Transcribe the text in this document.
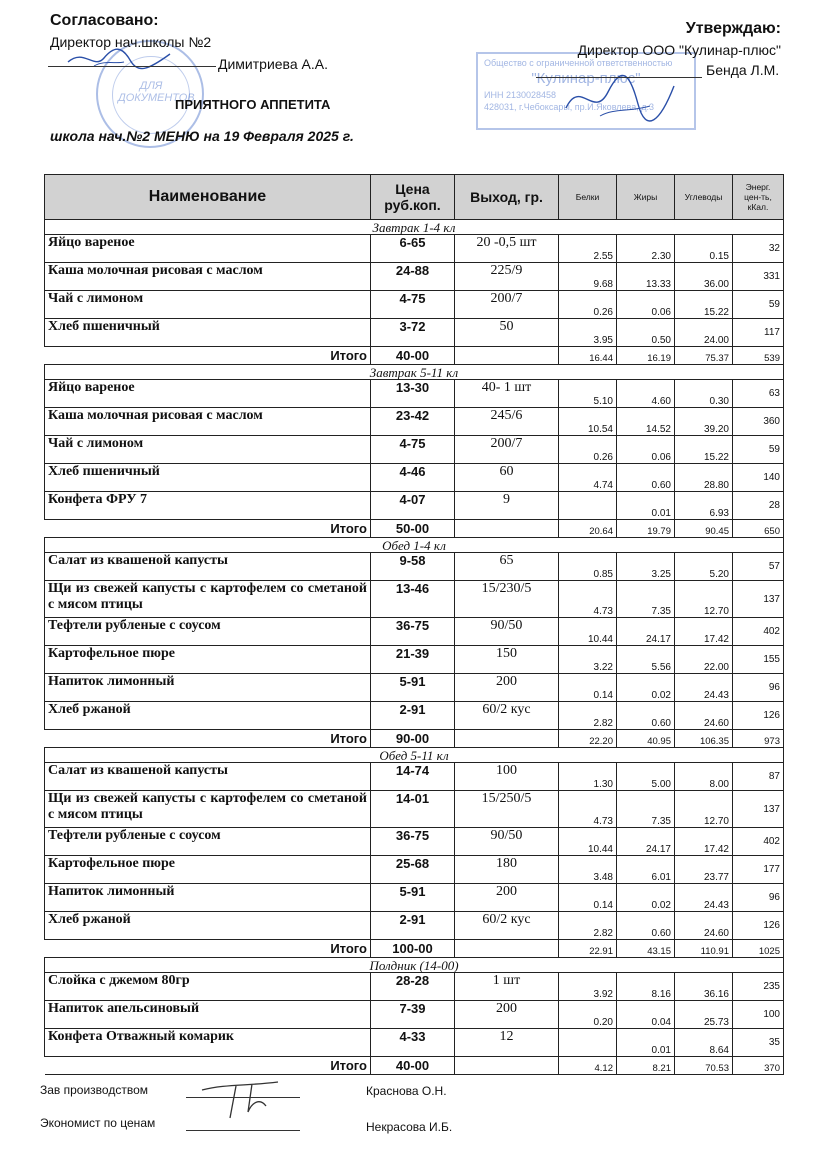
ДЛЯ ДОКУМЕНТОВ
Общество с ограниченной ответственностью
"Кулинар-плюс"
ИНН 2130028458
428031, г.Чебоксары, пр.И.Яковлева, д.3
Согласовано:
Директор нач.школы №2
Димитриева А.А.
Утверждаю:
Директор ООО "Кулинар-плюс"
Бенда Л.М.
ПРИЯТНОГО АППЕТИТА
школа нач.№2 МЕНЮ на 19 Февраля 2025 г.
Наименование	Цена руб.коп.	Выход, гр.	Белки	Жиры	Углеводы	Энерг. цен-ть, кКал.
Завтрак 1-4 кл						
Яйцо вареное	6-65	20 -0,5 шт	2.55	2.30	0.15	32
Каша молочная рисовая с маслом	24-88	225/9	9.68	13.33	36.00	331
Чай с лимоном	4-75	200/7	0.26	0.06	15.22	59
Хлеб пшеничный	3-72	50	3.95	0.50	24.00	117
Итого	40-00		16.44	16.19	75.37	539
Завтрак 5-11 кл						
Яйцо вареное	13-30	40- 1 шт	5.10	4.60	0.30	63
Каша молочная рисовая с маслом	23-42	245/6	10.54	14.52	39.20	360
Чай с лимоном	4-75	200/7	0.26	0.06	15.22	59
Хлеб пшеничный	4-46	60	4.74	0.60	28.80	140
Конфета ФРУ 7	4-07	9		0.01	6.93	28
Итого	50-00		20.64	19.79	90.45	650
Обед 1-4 кл						
Салат из квашеной капусты	9-58	65	0.85	3.25	5.20	57
Щи из свежей капусты с картофелем со сметаной с мясом птицы	13-46	15/230/5	4.73	7.35	12.70	137
Тефтели рубленые с соусом	36-75	90/50	10.44	24.17	17.42	402
Картофельное пюре	21-39	150	3.22	5.56	22.00	155
Напиток лимонный	5-91	200	0.14	0.02	24.43	96
Хлеб ржаной	2-91	60/2 кус	2.82	0.60	24.60	126
Итого	90-00		22.20	40.95	106.35	973
Обед 5-11 кл						
Салат из квашеной капусты	14-74	100	1.30	5.00	8.00	87
Щи из свежей капусты с картофелем со сметаной с мясом птицы	14-01	15/250/5	4.73	7.35	12.70	137
Тефтели рубленые с соусом	36-75	90/50	10.44	24.17	17.42	402
Картофельное пюре	25-68	180	3.48	6.01	23.77	177
Напиток лимонный	5-91	200	0.14	0.02	24.43	96
Хлеб ржаной	2-91	60/2 кус	2.82	0.60	24.60	126
Итого	100-00		22.91	43.15	110.91	1025
Полдник (14-00)						
Слойка с джемом 80гр	28-28	1 шт	3.92	8.16	36.16	235
Напиток апельсиновый	7-39	200	0.20	0.04	25.73	100
Конфета Отважный комарик	4-33	12		0.01	8.64	35
Итого	40-00		4.12	8.21	70.53	370
Зав производством	Краснова О.Н.
Экономист по ценам	Некрасова И.Б.
